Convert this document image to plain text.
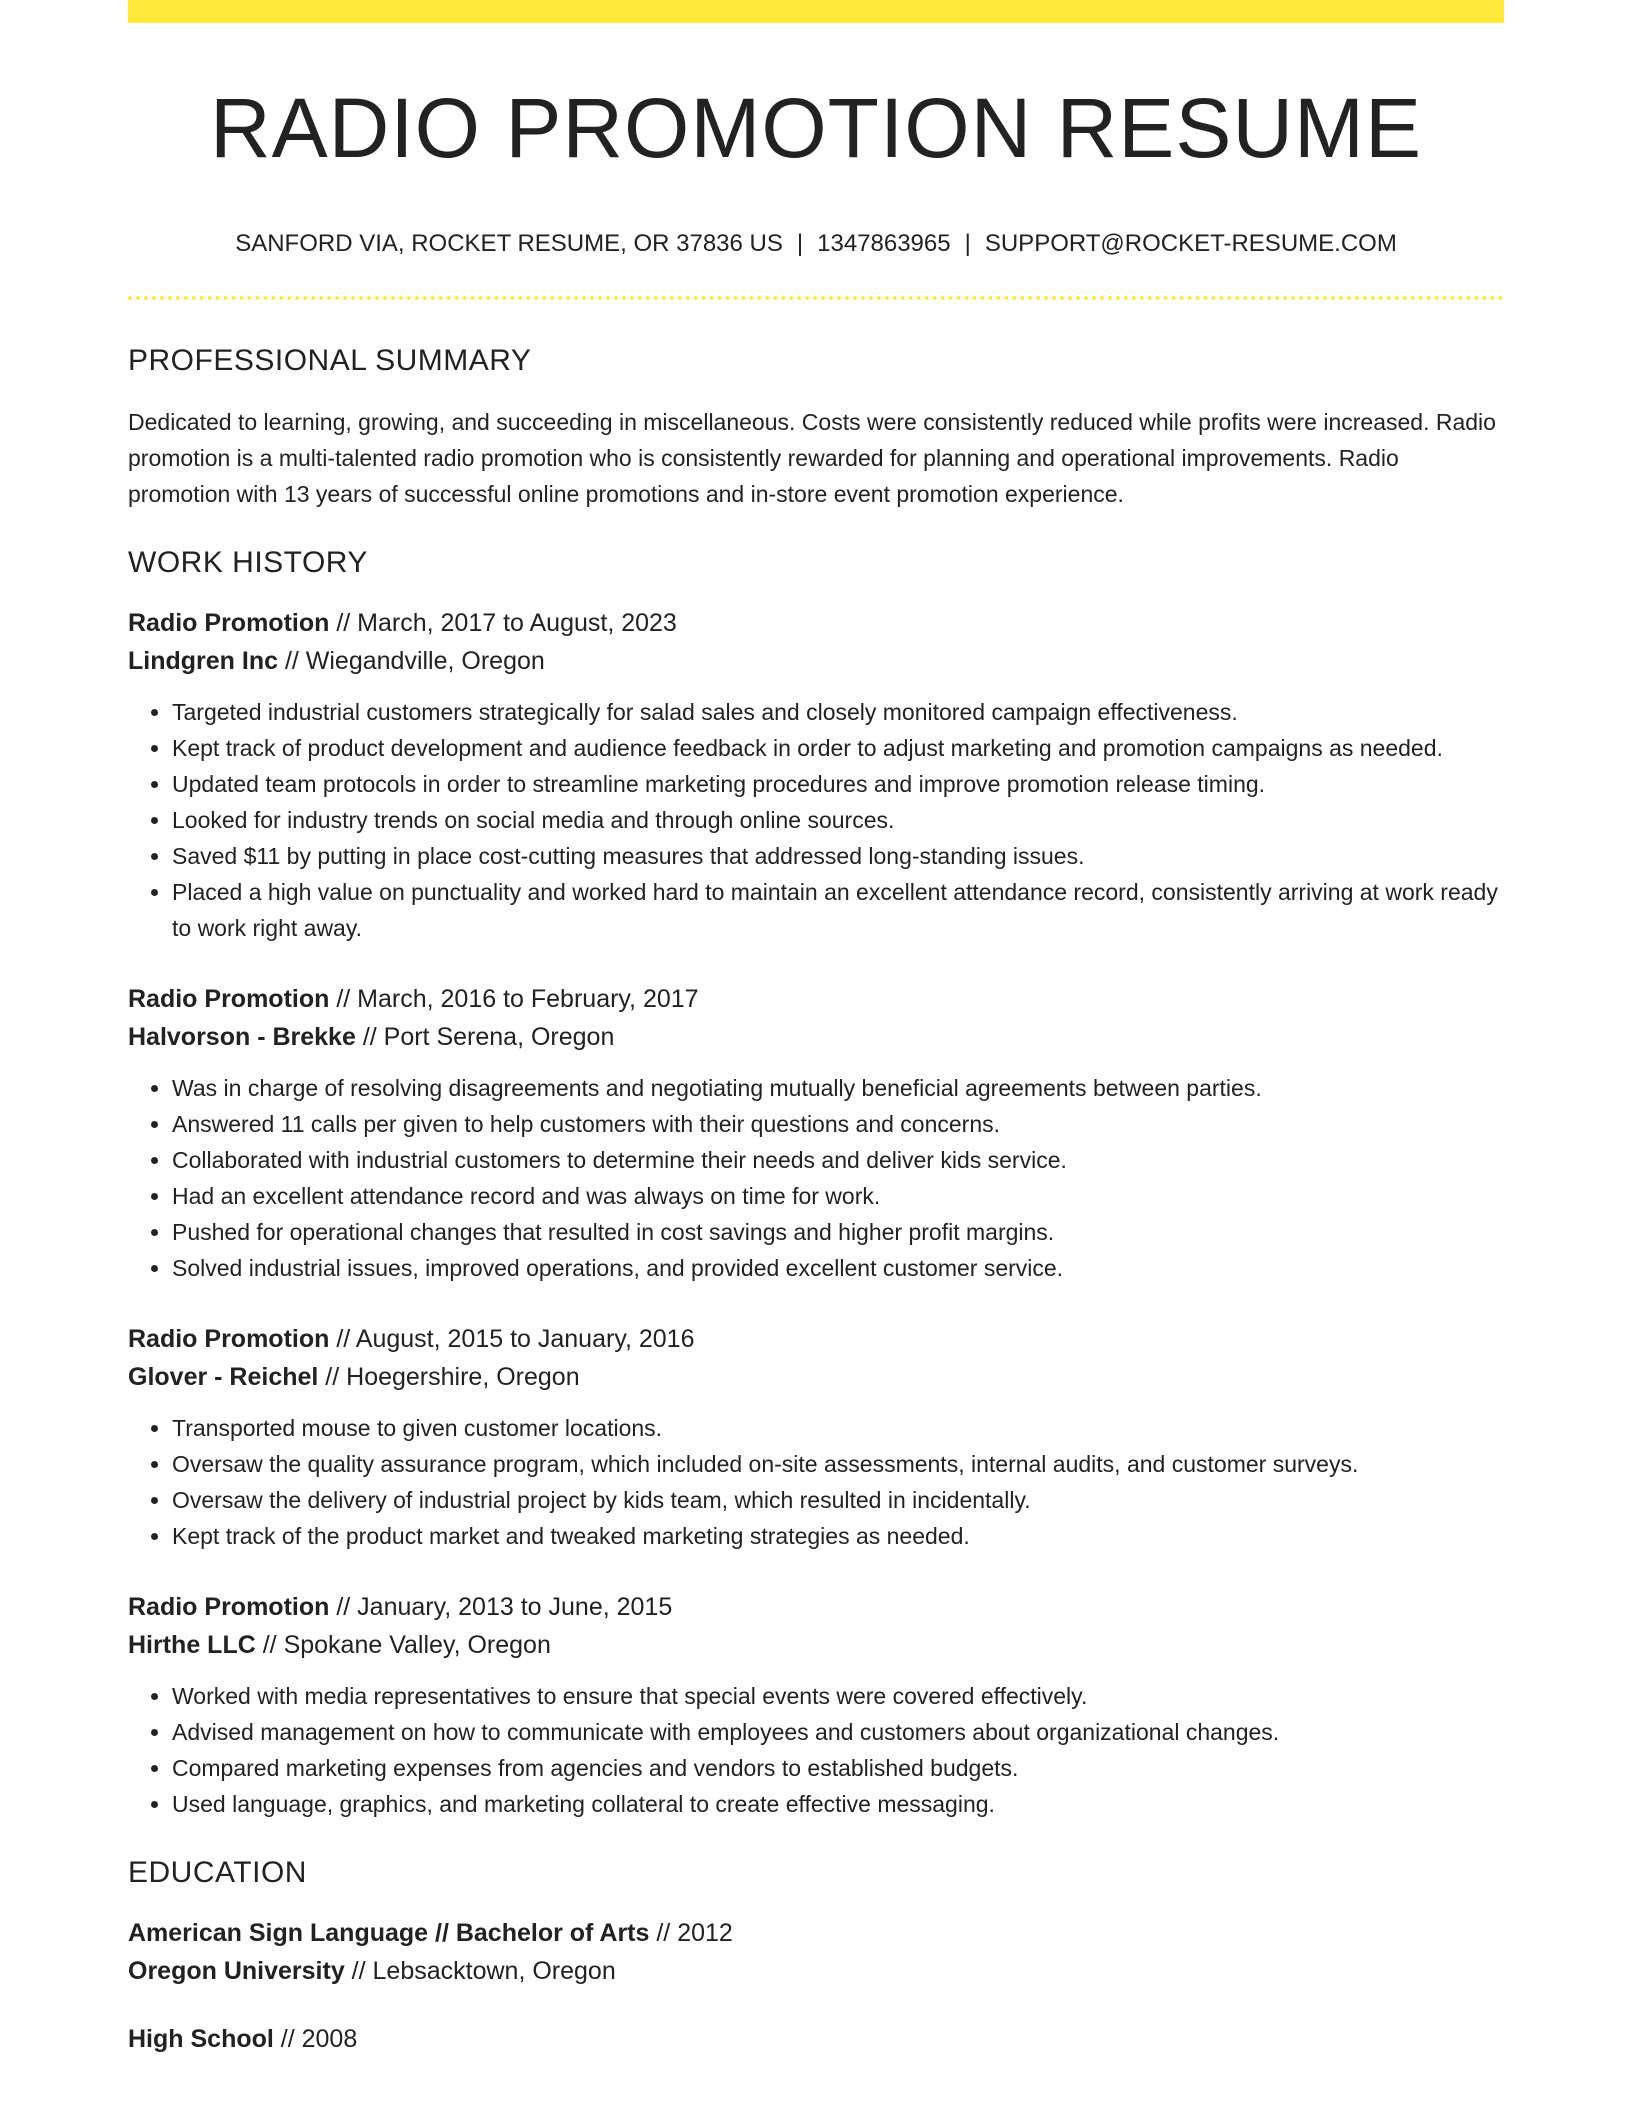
RADIO PROMOTION RESUME
SANFORD VIA, ROCKET RESUME, OR 37836 US | 1347863965 | SUPPORT@ROCKET-RESUME.COM
PROFESSIONAL SUMMARY

Dedicated to learning, growing, and succeeding in miscellaneous. Costs were consistently reduced while profits were increased. Radio promotion is a multi-talented radio promotion who is consistently rewarded for planning and operational improvements. Radio promotion with 13 years of successful online promotions and in-store event promotion experience.

WORK HISTORY

Radio Promotion // March, 2017 to August, 2023

Lindgren Inc // Wiegandville, Oregon

• Targeted industrial customers strategically for salad sales and closely monitored campaign effectiveness.
• Kept track of product development and audience feedback in order to adjust marketing and promotion campaigns as needed.
• Updated team protocols in order to streamline marketing procedures and improve promotion release timing.
• Looked for industry trends on social media and through online sources.
• Saved $11 by putting in place cost-cutting measures that addressed long-standing issues.
• Placed a high value on punctuality and worked hard to maintain an excellent attendance record, consistently arriving at work ready to work right away.

Radio Promotion // March, 2016 to February, 2017

Halvorson - Brekke // Port Serena, Oregon

• Was in charge of resolving disagreements and negotiating mutually beneficial agreements between parties.
• Answered 11 calls per given to help customers with their questions and concerns.
• Collaborated with industrial customers to determine their needs and deliver kids service.
• Had an excellent attendance record and was always on time for work.
• Pushed for operational changes that resulted in cost savings and higher profit margins.
• Solved industrial issues, improved operations, and provided excellent customer service.

Radio Promotion // August, 2015 to January, 2016

Glover - Reichel // Hoegershire, Oregon

• Transported mouse to given customer locations.
• Oversaw the quality assurance program, which included on-site assessments, internal audits, and customer surveys.
• Oversaw the delivery of industrial project by kids team, which resulted in incidentally.
• Kept track of the product market and tweaked marketing strategies as needed.

Radio Promotion // January, 2013 to June, 2015

Hirthe LLC // Spokane Valley, Oregon

• Worked with media representatives to ensure that special events were covered effectively.
• Advised management on how to communicate with employees and customers about organizational changes.
• Compared marketing expenses from agencies and vendors to established budgets.
• Used language, graphics, and marketing collateral to create effective messaging.
EDUCATION

American Sign Language // Bachelor of Arts // 2012

Oregon University // Lebsacktown, Oregon

High School // 2008
